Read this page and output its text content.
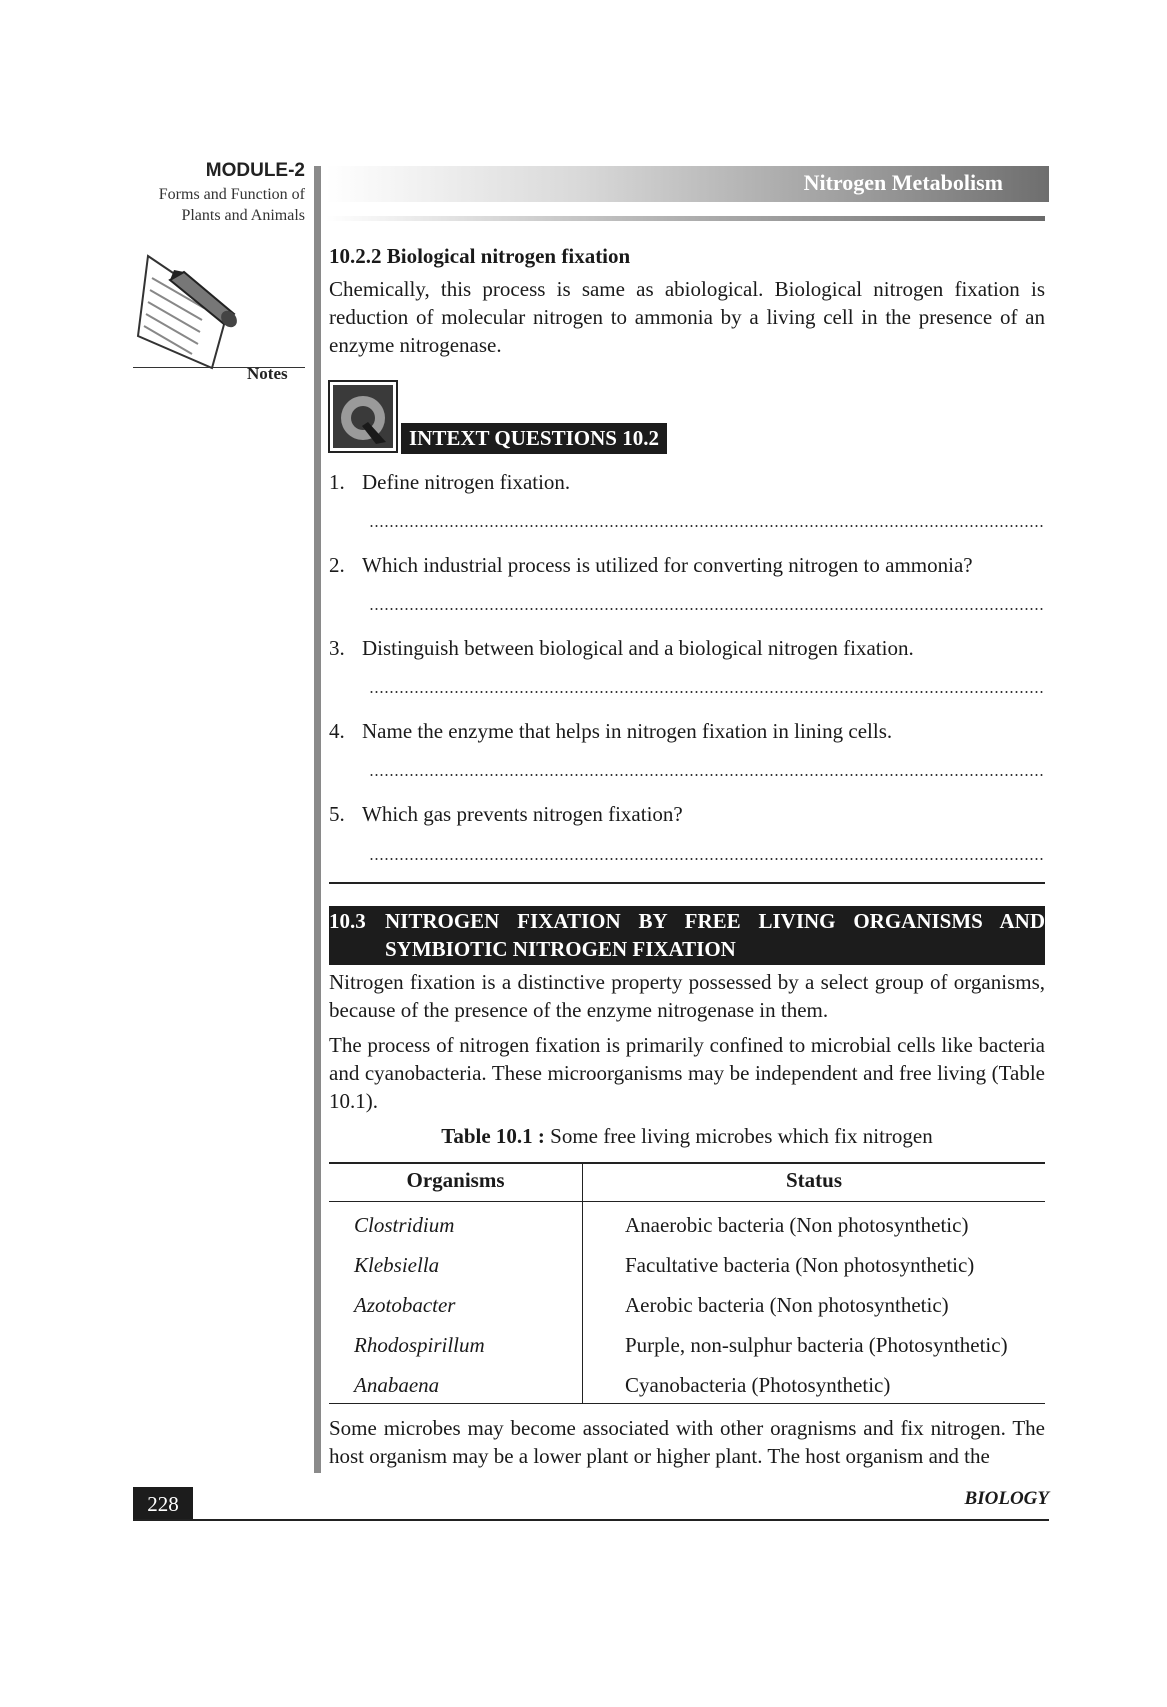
MODULE-2
Forms and Function of
Plants and Animals
Notes
Nitrogen Metabolism
10.2.2 Biological nitrogen fixation

Chemically, this process is same as abiological. Biological nitrogen fixation is reduction of molecular nitrogen to ammonia by a living cell in the presence of an enzyme nitrogenase.

INTEXT QUESTIONS 10.2
1. Define nitrogen fixation.
2. Which industrial process is utilized for converting nitrogen to ammonia?
3. Distinguish between biological and a biological nitrogen fixation.
4. Name the enzyme that helps in nitrogen fixation in lining cells.
5. Which gas prevents nitrogen fixation?
10.3 NITROGEN FIXATION BY FREE LIVING ORGANISMS AND
SYMBIOTIC NITROGEN FIXATION

Nitrogen fixation is a distinctive property possessed by a select group of organisms, because of the presence of the enzyme nitrogenase in them.

The process of nitrogen fixation is primarily confined to microbial cells like bacteria and cyanobacteria. These microorganisms may be independent and free living (Table 10.1).

Table 10.1 : Some free living microbes which fix nitrogen
Organisms	Status
Clostridium	Anaerobic bacteria (Non photosynthetic)
Klebsiella	Facultative bacteria (Non photosynthetic)
Azotobacter	Aerobic bacteria (Non photosynthetic)
Rhodospirillum	Purple, non-sulphur bacteria (Photosynthetic)
Anabaena	Cyanobacteria (Photosynthetic)

Some microbes may become associated with other oragnisms and fix nitrogen. The host organism may be a lower plant or higher plant. The host organism and the

228	BIOLOGY
